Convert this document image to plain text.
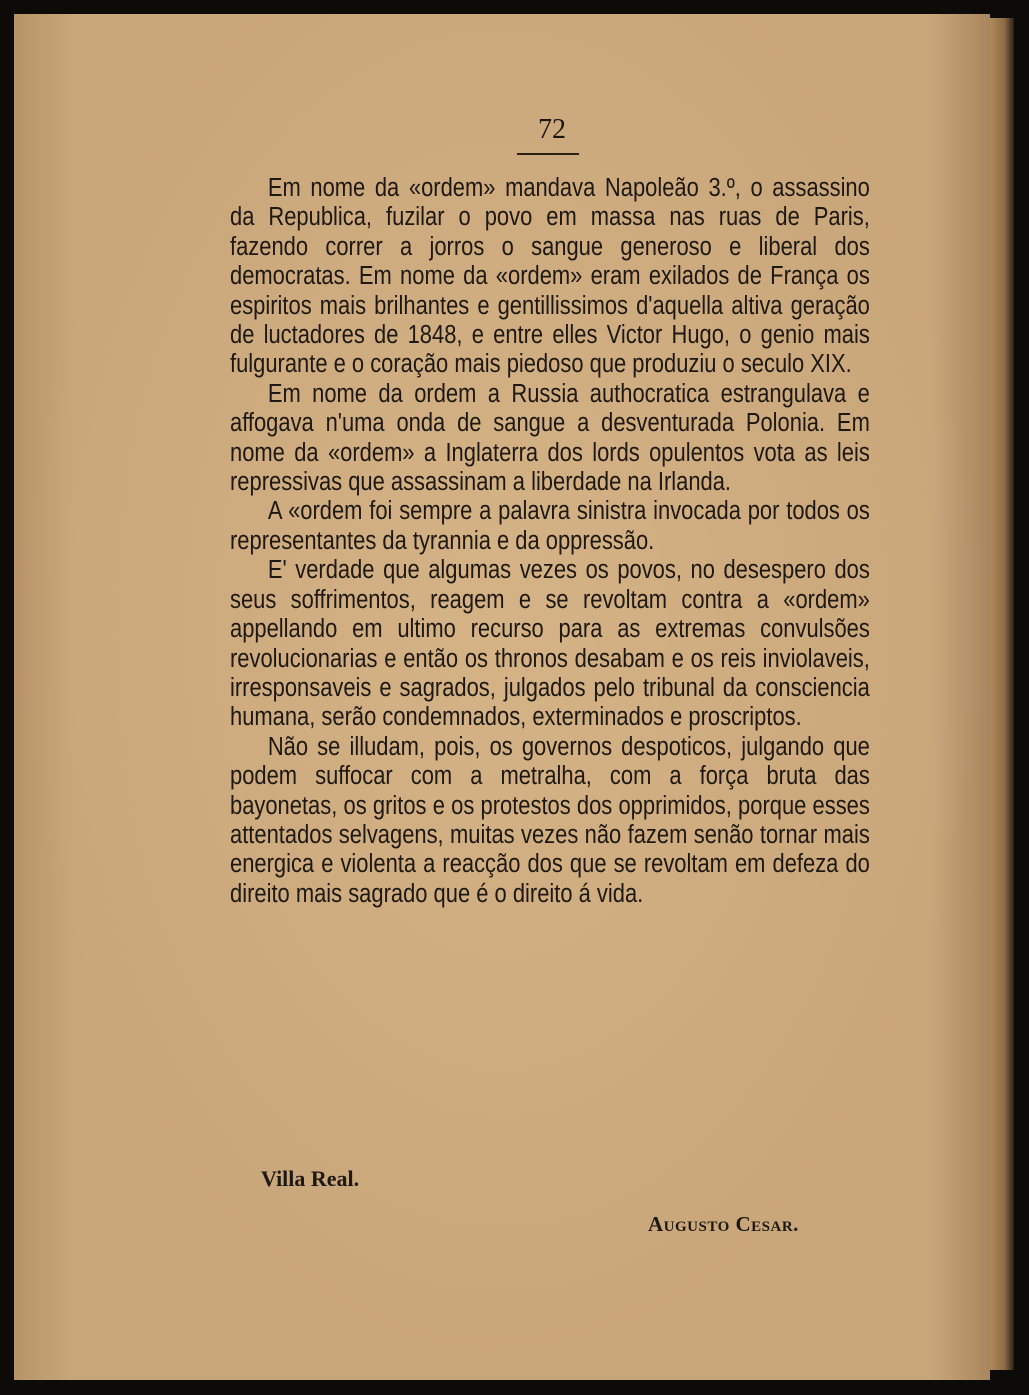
72

Em nome da «ordem» mandava Napoleão 3.º, o assassino da Republica, fuzilar o povo em massa nas ruas de Paris, fazendo correr a jorros o sangue generoso e liberal dos democratas. Em nome da «ordem» eram exilados de França os espiritos mais brilhantes e gentillissimos d'aquella altiva geração de luctadores de 1848, e entre elles Victor Hugo, o genio mais fulgurante e o coração mais piedoso que produziu o seculo XIX.

Em nome da ordem a Russia authocratica estrangulava e affogava n'uma onda de sangue a desventurada Polonia. Em nome da «ordem» a Inglaterra dos lords opulentos vota as leis repressivas que assassinam a liberdade na Irlanda.

A «ordem foi sempre a palavra sinistra invocada por todos os representantes da tyrannia e da oppressão.

E' verdade que algumas vezes os povos, no desespero dos seus soffrimentos, reagem e se revoltam contra a «ordem» appellando em ultimo recurso para as extremas convulsões revolucionarias e então os thronos desabam e os reis inviolaveis, irresponsaveis e sagrados, julgados pelo tribunal da consciencia humana, serão condemnados, exterminados e proscriptos.

Não se illudam, pois, os governos despoticos, julgando que podem suffocar com a metralha, com a força bruta das bayonetas, os gritos e os protestos dos opprimidos, porque esses attentados selvagens, muitas vezes não fazem senão tornar mais energica e violenta a reacção dos que se revoltam em defeza do direito mais sagrado que é o direito á vida.

Villa Real.
Augusto Cesar.
